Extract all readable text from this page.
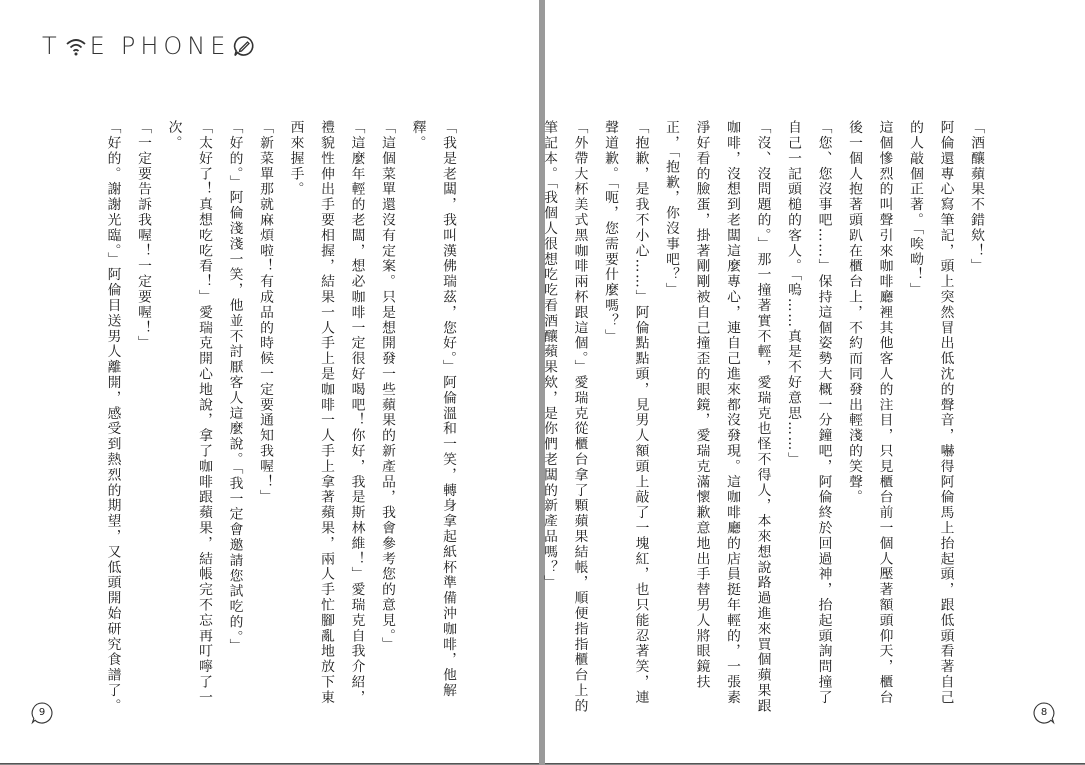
T E PHONE

「我是老闆，我叫漢佛瑞茲，您好。」阿倫溫和一笑，轉身拿起紙杯準備沖咖啡，他解釋。

「這個菜單還沒有定案。只是想開發一些蘋果的新產品，我會參考您的意見。」

「這麼年輕的老闆，想必咖啡一定很好喝吧！你好，我是斯林維！」愛瑞克自我介紹，禮貌性伸出手要相握，結果一人手上是咖啡一人手上拿著蘋果，兩人手忙腳亂地放下東西來握手。

「新菜單那就麻煩啦！有成品的時候一定要通知我喔！」

「好的。」阿倫淺淺一笑，他並不討厭客人這麼說。「我一定會邀請您試吃的。」

「太好了！真想吃吃看！」愛瑞克開心地說，拿了咖啡跟蘋果，結帳完不忘再叮嚀了一次。

「一定要告訴我喔！一定要喔！」

「好的。謝謝光臨。」阿倫目送男人離開，感受到熱烈的期望，又低頭開始研究食譜了。

9

「酒釀蘋果不錯欸！」

阿倫還專心寫筆記，頭上突然冒出低沈的聲音，嚇得阿倫馬上抬起頭，跟低頭看著自己的人敲個正著。「唉呦！」

這個慘烈的叫聲引來咖啡廳裡其他客人的注目，只見櫃台前一個人壓著額頭仰天，櫃台後一個人抱著頭趴在櫃台上，不約而同發出輕淺的笑聲。

「您、您沒事吧……」保持這個姿勢大概一分鐘吧，阿倫終於回過神，抬起頭詢問撞了自己一記頭槌的客人。「嗚……真是不好意思……」

「沒、沒問題的。」那一撞著實不輕，愛瑞克也怪不得人，本來想說路過進來買個蘋果跟咖啡，沒想到老闆這麼專心，連自己進來都沒發現。這咖啡廳的店員挺年輕的，一張素淨好看的臉蛋，掛著剛剛被自己撞歪的眼鏡，愛瑞克滿懷歉意地出手替男人將眼鏡扶正，「抱歉，你沒事吧？」

「抱歉，是我不小心……」阿倫點點頭，見男人額頭上敲了一塊紅，也只能忍著笑，連聲道歉。「呃，您需要什麼嗎？」

「外帶大杯美式黑咖啡兩杯跟這個。」愛瑞克從櫃台拿了顆蘋果結帳，順便指指櫃台上的筆記本。「我個人很想吃吃看酒釀蘋果欸，是你們老闆的新產品嗎？」

8
